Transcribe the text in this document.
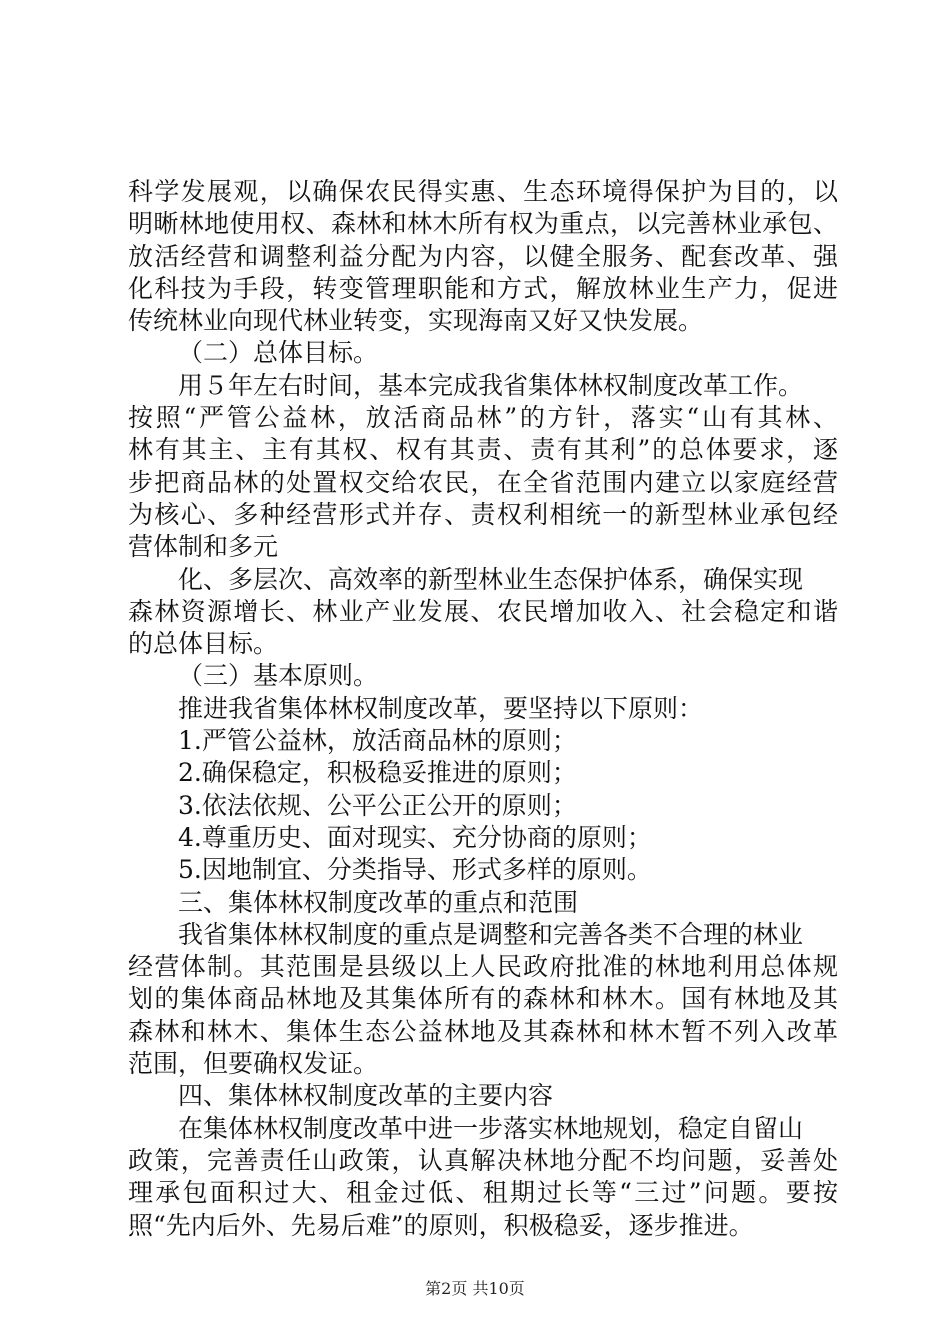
科学发展观，以确保农民得实惠、生态环境得保护为目的，以
明晰林地使用权、森林和林木所有权为重点，以完善林业承包、
放活经营和调整利益分配为内容，以健全服务、配套改革、强
化科技为手段，转变管理职能和方式，解放林业生产力，促进
传统林业向现代林业转变，实现海南又好又快发展。
（二）总体目标。
用５年左右时间，基本完成我省集体林权制度改革工作。
按照“严管公益林，放活商品林”的方针，落实“山有其林、
林有其主、主有其权、权有其责、责有其利”的总体要求，逐
步把商品林的处置权交给农民，在全省范围内建立以家庭经营
为核心、多种经营形式并存、责权利相统一的新型林业承包经
营体制和多元
化、多层次、高效率的新型林业生态保护体系，确保实现
森林资源增长、林业产业发展、农民增加收入、社会稳定和谐
的总体目标。
（三）基本原则。
推进我省集体林权制度改革，要坚持以下原则：
1.严管公益林，放活商品林的原则；
2.确保稳定，积极稳妥推进的原则；
3.依法依规、公平公正公开的原则；
4.尊重历史、面对现实、充分协商的原则；
5.因地制宜、分类指导、形式多样的原则。
三、集体林权制度改革的重点和范围
我省集体林权制度的重点是调整和完善各类不合理的林业
经营体制。其范围是县级以上人民政府批准的林地利用总体规
划的集体商品林地及其集体所有的森林和林木。国有林地及其
森林和林木、集体生态公益林地及其森林和林木暂不列入改革
范围，但要确权发证。
四、集体林权制度改革的主要内容
在集体林权制度改革中进一步落实林地规划，稳定自留山
政策，完善责任山政策，认真解决林地分配不均问题，妥善处
理承包面积过大、租金过低、租期过长等“三过”问题。要按
照“先内后外、先易后难”的原则，积极稳妥，逐步推进。
第2页 共10页
